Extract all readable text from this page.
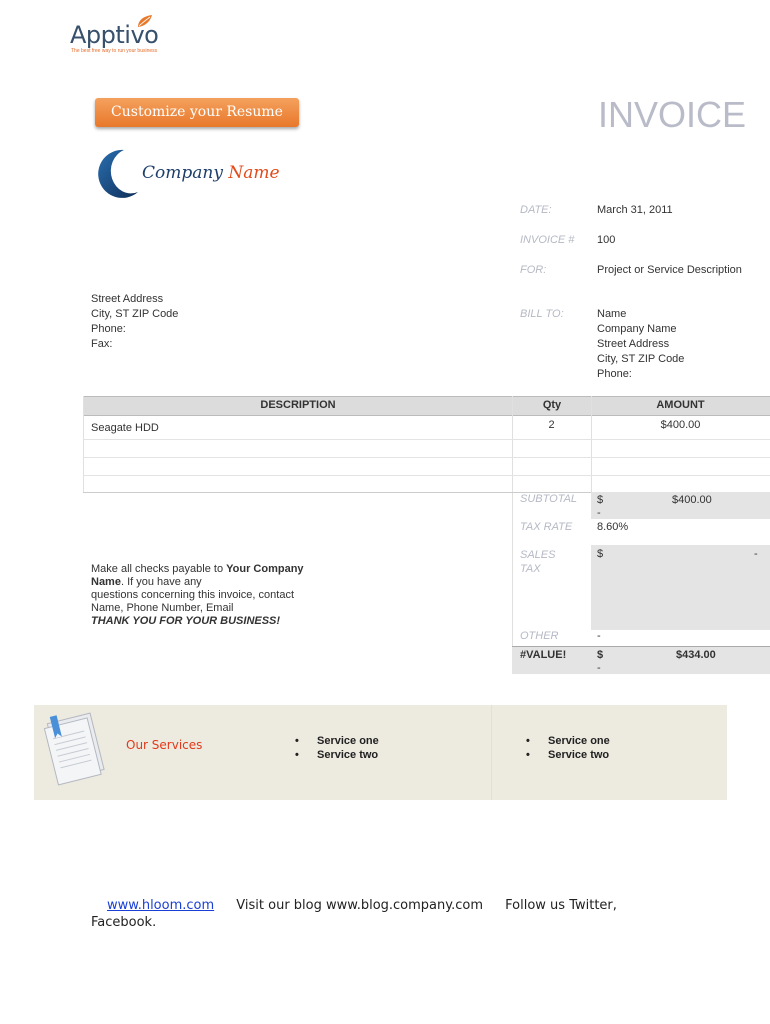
Apptivo
The best free way to run your business
Customize your Resume	INVOICE
Company Name
DATE:	March 31, 2011
INVOICE # 100
FOR:	Project or Service Description
Street Address
City, ST ZIP Code
Phone:
Fax:
BILL TO:	Name
Company Name
Street Address
City, ST ZIP Code
Phone:
DESCRIPTION	Qty	AMOUNT
Seagate HDD	2	$400.00
SUBTOTAL $	$400.00
-
TAX RATE 8.60%
SALES
TAX
$	-
OTHER	-
#VALUE!	$	$434.00
-
Make all checks payable to Your Company Name. If you have any
questions concerning this invoice, contact
Name, Phone Number, Email
THANK YOU FOR YOUR BUSINESS!
Our Services
•	Service one
• Service two
• Service one
• Service two
www.hloom.com Visit our blog www.blog.company.com Follow us Twitter,
Facebook.
